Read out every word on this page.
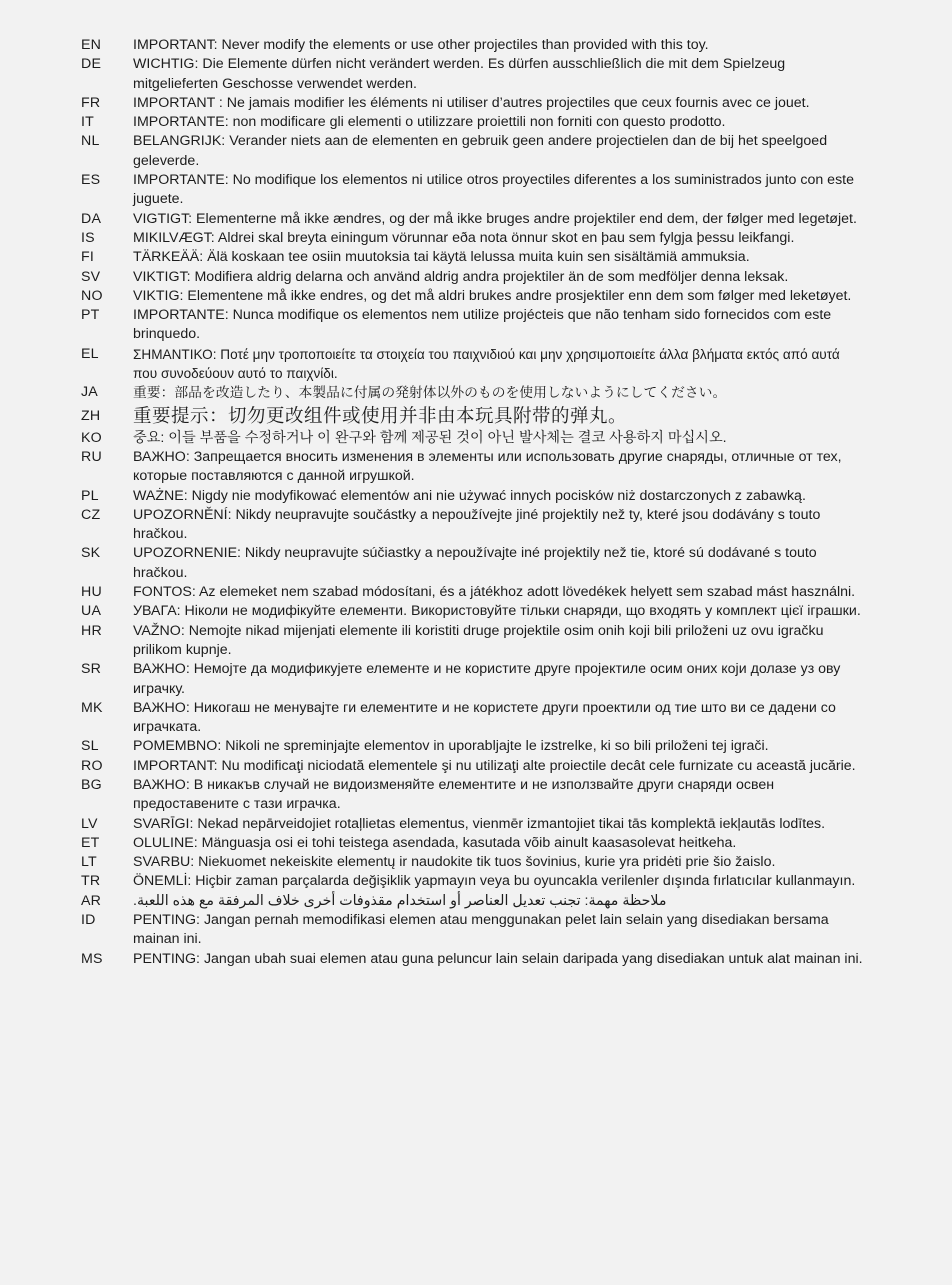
EN	IMPORTANT: Never modify the elements or use other projectiles than provided with this toy.
DE	WICHTIG: Die Elemente dürfen nicht verändert werden. Es dürfen ausschließlich die mit dem Spielzeug mitgelieferten Geschosse verwendet werden.
FR	IMPORTANT : Ne jamais modifier les éléments ni utiliser d’autres projectiles que ceux fournis avec ce jouet.
IT	IMPORTANTE: non modificare gli elementi o utilizzare proiettili non forniti con questo prodotto.
NL	BELANGRIJK: Verander niets aan de elementen en gebruik geen andere projectielen dan de bij het speelgoed geleverde.
ES	IMPORTANTE: No modifique los elementos ni utilice otros proyectiles diferentes a los suministrados junto con este juguete.
DA	VIGTIGT: Elementerne må ikke ændres, og der må ikke bruges andre projektiler end dem, der følger med legetøjet.
IS	MIKILVÆGT: Aldrei skal breyta einingum vörunnar eða nota önnur skot en þau sem fylgja þessu leikfangi.
FI	TÄRKEÄÄ: Älä koskaan tee osiin muutoksia tai käytä lelussa muita kuin sen sisältämiä ammuksia.
SV	VIKTIGT: Modifiera aldrig delarna och använd aldrig andra projektiler än de som medföljer denna leksak.
NO	VIKTIG: Elementene må ikke endres, og det må aldri brukes andre prosjektiler enn dem som følger med leketøyet.
PT	IMPORTANTE: Nunca modifique os elementos nem utilize projécteis que não tenham sido fornecidos com este brinquedo.
EL	ΣΗΜΑΝΤΙΚΟ: Ποτέ μην τροποποιείτε τα στοιχεία του παιχνιδιού και μην χρησιμοποιείτε άλλα βλήματα εκτός από αυτά που συνοδεύουν αυτό το παιχνίδι.
JA	重要：部品を改造したり、本製品に付属の発射体以外のものを使用しないようにしてください。
ZH	重要提示：切勿更改组件或使用并非由本玩具附带的弹丸。
KO	중요: 이들 부품을 수정하거나 이 완구와 함께 제공된 것이 아닌 발사체는 결코 사용하지 마십시오.
RU	ВАЖНО: Запрещается вносить изменения в элементы или использовать другие снаряды, отличные от тех, которые поставляются с данной игрушкой.
PL	WAŻNE: Nigdy nie modyfikować elementów ani nie używać innych pocisków niż dostarczonych z zabawką.
CZ	UPOZORNĚNÍ: Nikdy neupravujte součástky a nepoužívejte jiné projektily než ty, které jsou dodávány s touto hračkou.
SK	UPOZORNENIE: Nikdy neupravujte súčiastky a nepoužívajte iné projektily než tie, ktoré sú dodávané s touto hračkou.
HU	FONTOS: Az elemeket nem szabad módosítani, és a játékhoz adott lövedékek helyett sem szabad mást használni.
UA	УВАГА: Ніколи не модифікуйте елементи. Використовуйте тільки снаряди, що входять у комплект цієї іграшки.
HR	VAŽNO: Nemojte nikad mijenjati elemente ili koristiti druge projektile osim onih koji bili priloženi uz ovu igračku prilikom kupnje.
SR	ВАЖНО: Немојте да модификујете елементе и не користите друге пројектиле осим оних који долазе уз ову играчку.
MK	ВАЖНО: Никогаш не менувајте ги елементите и не користете други проектили од тие што ви се дадени со играчката.
SL	POMEMBNO: Nikoli ne spreminjajte elementov in uporabljajte le izstrelke, ki so bili priloženi tej igrači.
RO	IMPORTANT: Nu modificaţi niciodată elementele şi nu utilizaţi alte proiectile decât cele furnizate cu această jucărie.
BG	ВАЖНО: В никакъв случай не видоизменяйте елементите и не използвайте други снаряди освен предоставените с тази играчка.
LV	SVARĪGI: Nekad nepārveidojiet rotaļlietas elementus, vienmēr izmantojiet tikai tās komplektā iekļautās lodītes.
ET	OLULINE: Mänguasja osi ei tohi teistega asendada, kasutada võib ainult kaasasolevat heitkeha.
LT	SVARBU: Niekuomet nekeiskite elementų ir naudokite tik tuos šovinius, kurie yra pridėti prie šio žaislo.
TR	ÖNEMLİ: Hiçbir zaman parçalarda değişiklik yapmayın veya bu oyuncakla verilenler dışında fırlatıcılar kullanmayın.
AR	ملاحظة مهمة: تجنب تعديل العناصر أو استخدام مقذوفات أخرى خلاف المرفقة مع هذه اللعبة.
ID	PENTING: Jangan pernah memodifikasi elemen atau menggunakan pelet lain selain yang disediakan bersama mainan ini.
MS	PENTING: Jangan ubah suai elemen atau guna peluncur lain selain daripada yang disediakan untuk alat mainan ini.
